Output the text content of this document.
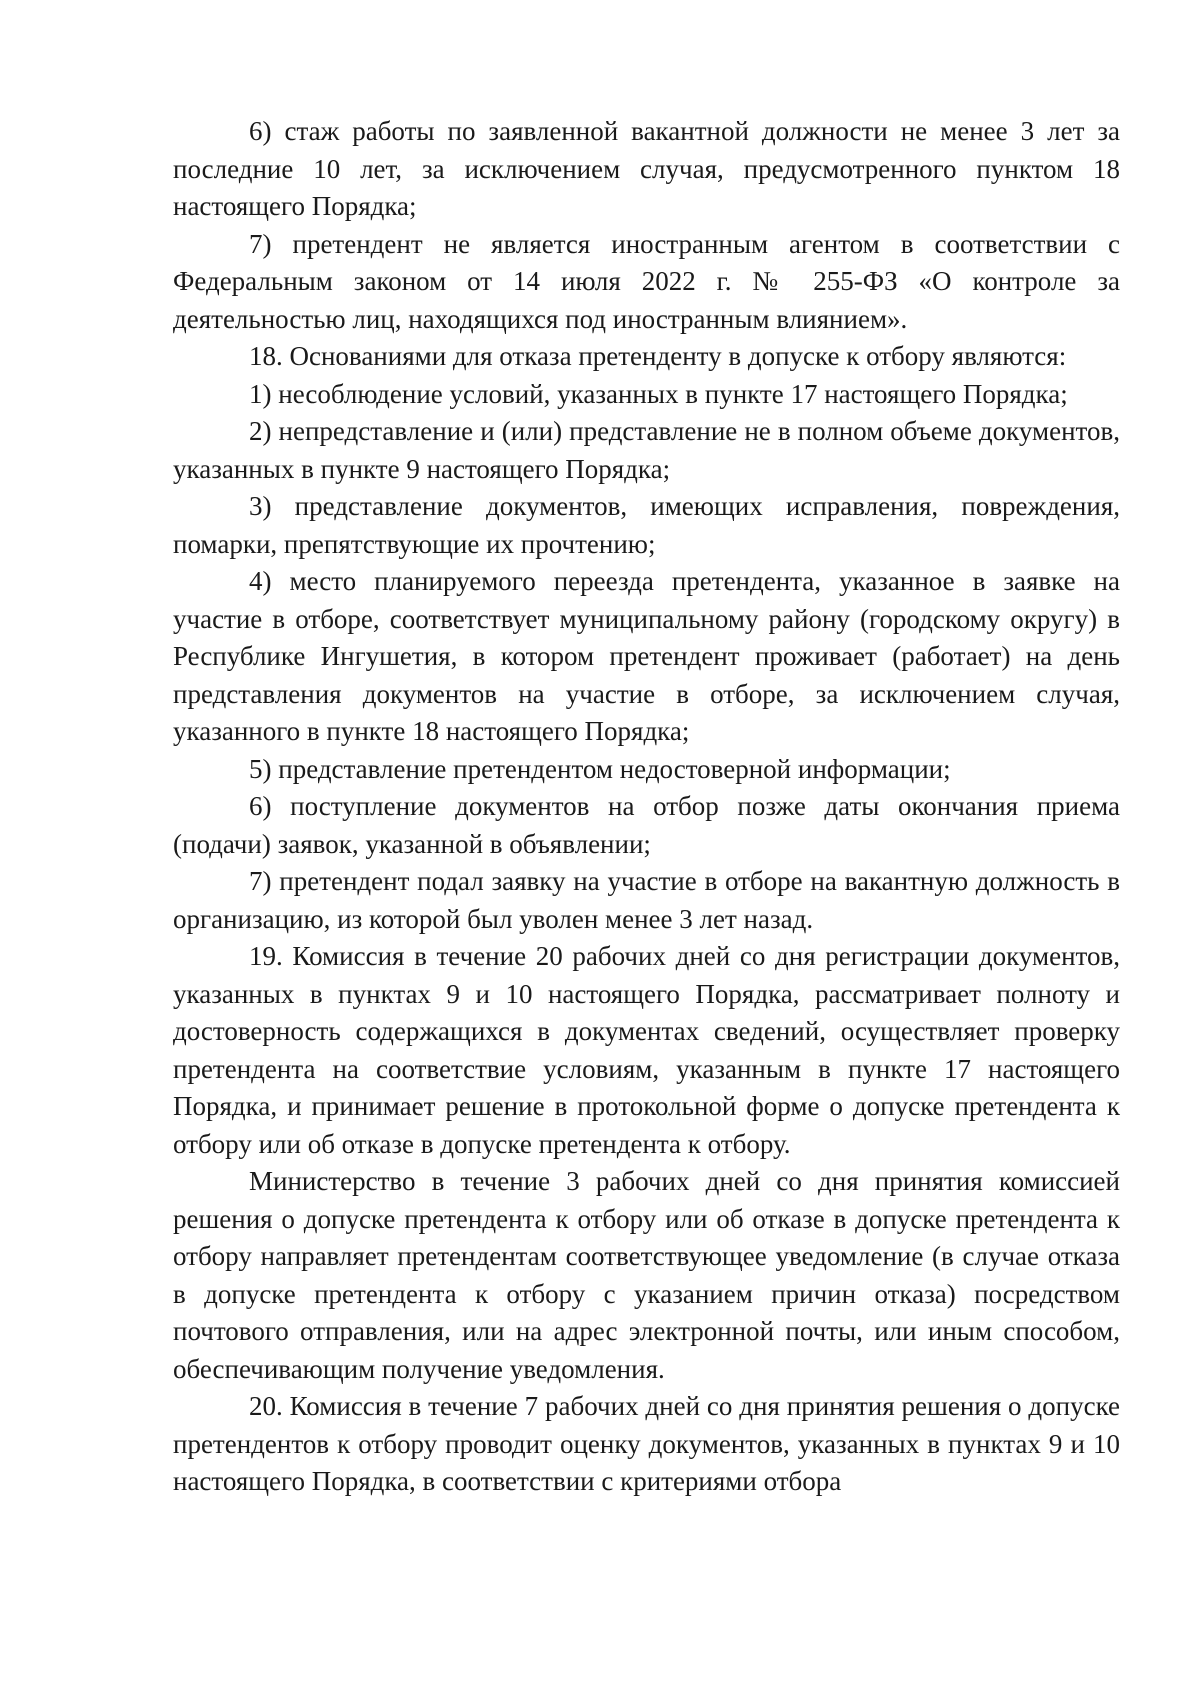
6) стаж работы по заявленной вакантной должности не менее 3 лет за последние 10 лет, за исключением случая, предусмотренного пунктом 18 настоящего Порядка;

7) претендент не является иностранным агентом в соответствии с Федеральным законом от 14 июля 2022 г. № 255-ФЗ «О контроле за деятельностью лиц, находящихся под иностранным влиянием».

18. Основаниями для отказа претенденту в допуске к отбору являются:

1) несоблюдение условий, указанных в пункте 17 настоящего Порядка;

2) непредставление и (или) представление не в полном объеме документов, указанных в пункте 9 настоящего Порядка;

3) представление документов, имеющих исправления, повреждения, помарки, препятствующие их прочтению;

4) место планируемого переезда претендента, указанное в заявке на участие в отборе, соответствует муниципальному району (городскому округу) в Республике Ингушетия, в котором претендент проживает (работает) на день представления документов на участие в отборе, за исключением случая, указанного в пункте 18 настоящего Порядка;

5) представление претендентом недостоверной информации;

6) поступление документов на отбор позже даты окончания приема (подачи) заявок, указанной в объявлении;

7) претендент подал заявку на участие в отборе на вакантную должность в организацию, из которой был уволен менее 3 лет назад.

19. Комиссия в течение 20 рабочих дней со дня регистрации документов, указанных в пунктах 9 и 10 настоящего Порядка, рассматривает полноту и достоверность содержащихся в документах сведений, осуществляет проверку претендента на соответствие условиям, указанным в пункте 17 настоящего Порядка, и принимает решение в протокольной форме о допуске претендента к отбору или об отказе в допуске претендента к отбору.

Министерство в течение 3 рабочих дней со дня принятия комиссией решения о допуске претендента к отбору или об отказе в допуске претендента к отбору направляет претендентам соответствующее уведомление (в случае отказа в допуске претендента к отбору с указанием причин отказа) посредством почтового отправления, или на адрес электронной почты, или иным способом, обеспечивающим получение уведомления.

20. Комиссия в течение 7 рабочих дней со дня принятия решения о допуске претендентов к отбору проводит оценку документов, указанных в пунктах 9 и 10 настоящего Порядка, в соответствии с критериями отбора
